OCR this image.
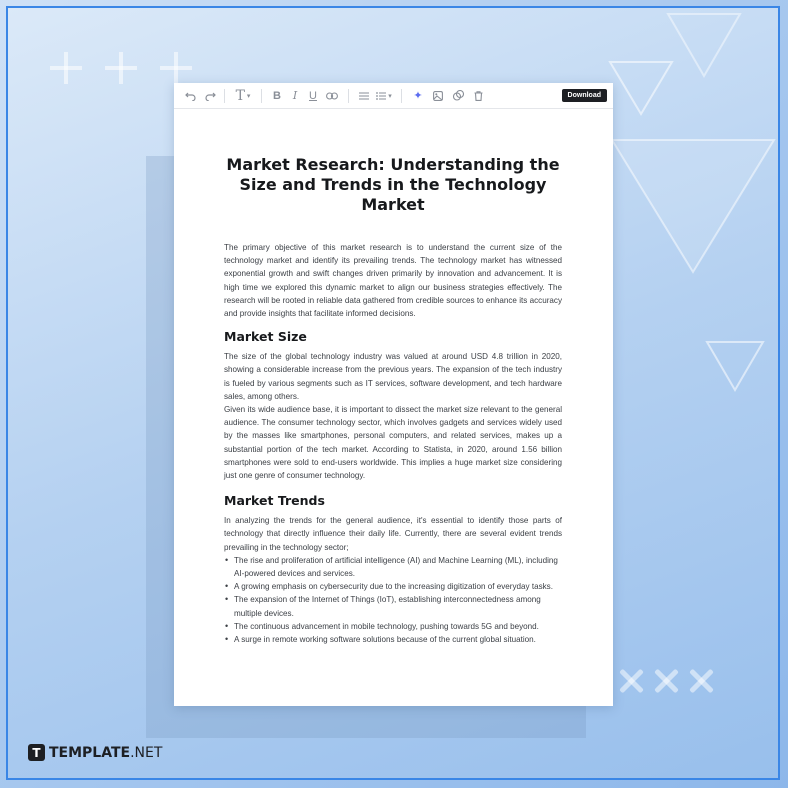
T ▾	B	I	U	▾	✦	Download
Market Research: Understanding the Size and Trends in the Technology Market

The primary objective of this market research is to understand the current size of the technology market and identify its prevailing trends. The technology market has witnessed exponential growth and swift changes driven primarily by innovation and advancement. It is high time we explored this dynamic market to align our business strategies effectively. The research will be rooted in reliable data gathered from credible sources to enhance its accuracy and provide insights that facilitate informed decisions.

Market Size

The size of the global technology industry was valued at around USD 4.8 trillion in 2020, showing a considerable increase from the previous years. The expansion of the tech industry is fueled by various segments such as IT services, software development, and tech hardware sales, among others.

Given its wide audience base, it is important to dissect the market size relevant to the general audience. The consumer technology sector, which involves gadgets and services widely used by the masses like smartphones, personal computers, and related services, makes up a substantial portion of the tech market. According to Statista, in 2020, around 1.56 billion smartphones were sold to end-users worldwide. This implies a huge market size considering just one genre of consumer technology.

Market Trends

In analyzing the trends for the general audience, it's essential to identify those parts of technology that directly influence their daily life. Currently, there are several evident trends prevailing in the technology sector;

• The rise and proliferation of artificial intelligence (AI) and Machine Learning (ML), including AI-powered devices and services.
• A growing emphasis on cybersecurity due to the increasing digitization of everyday tasks.
• The expansion of the Internet of Things (IoT), establishing interconnectedness among multiple devices.
• The continuous advancement in mobile technology, pushing towards 5G and beyond.
• A surge in remote working software solutions because of the current global situation.
T TEMPLATE.NET
